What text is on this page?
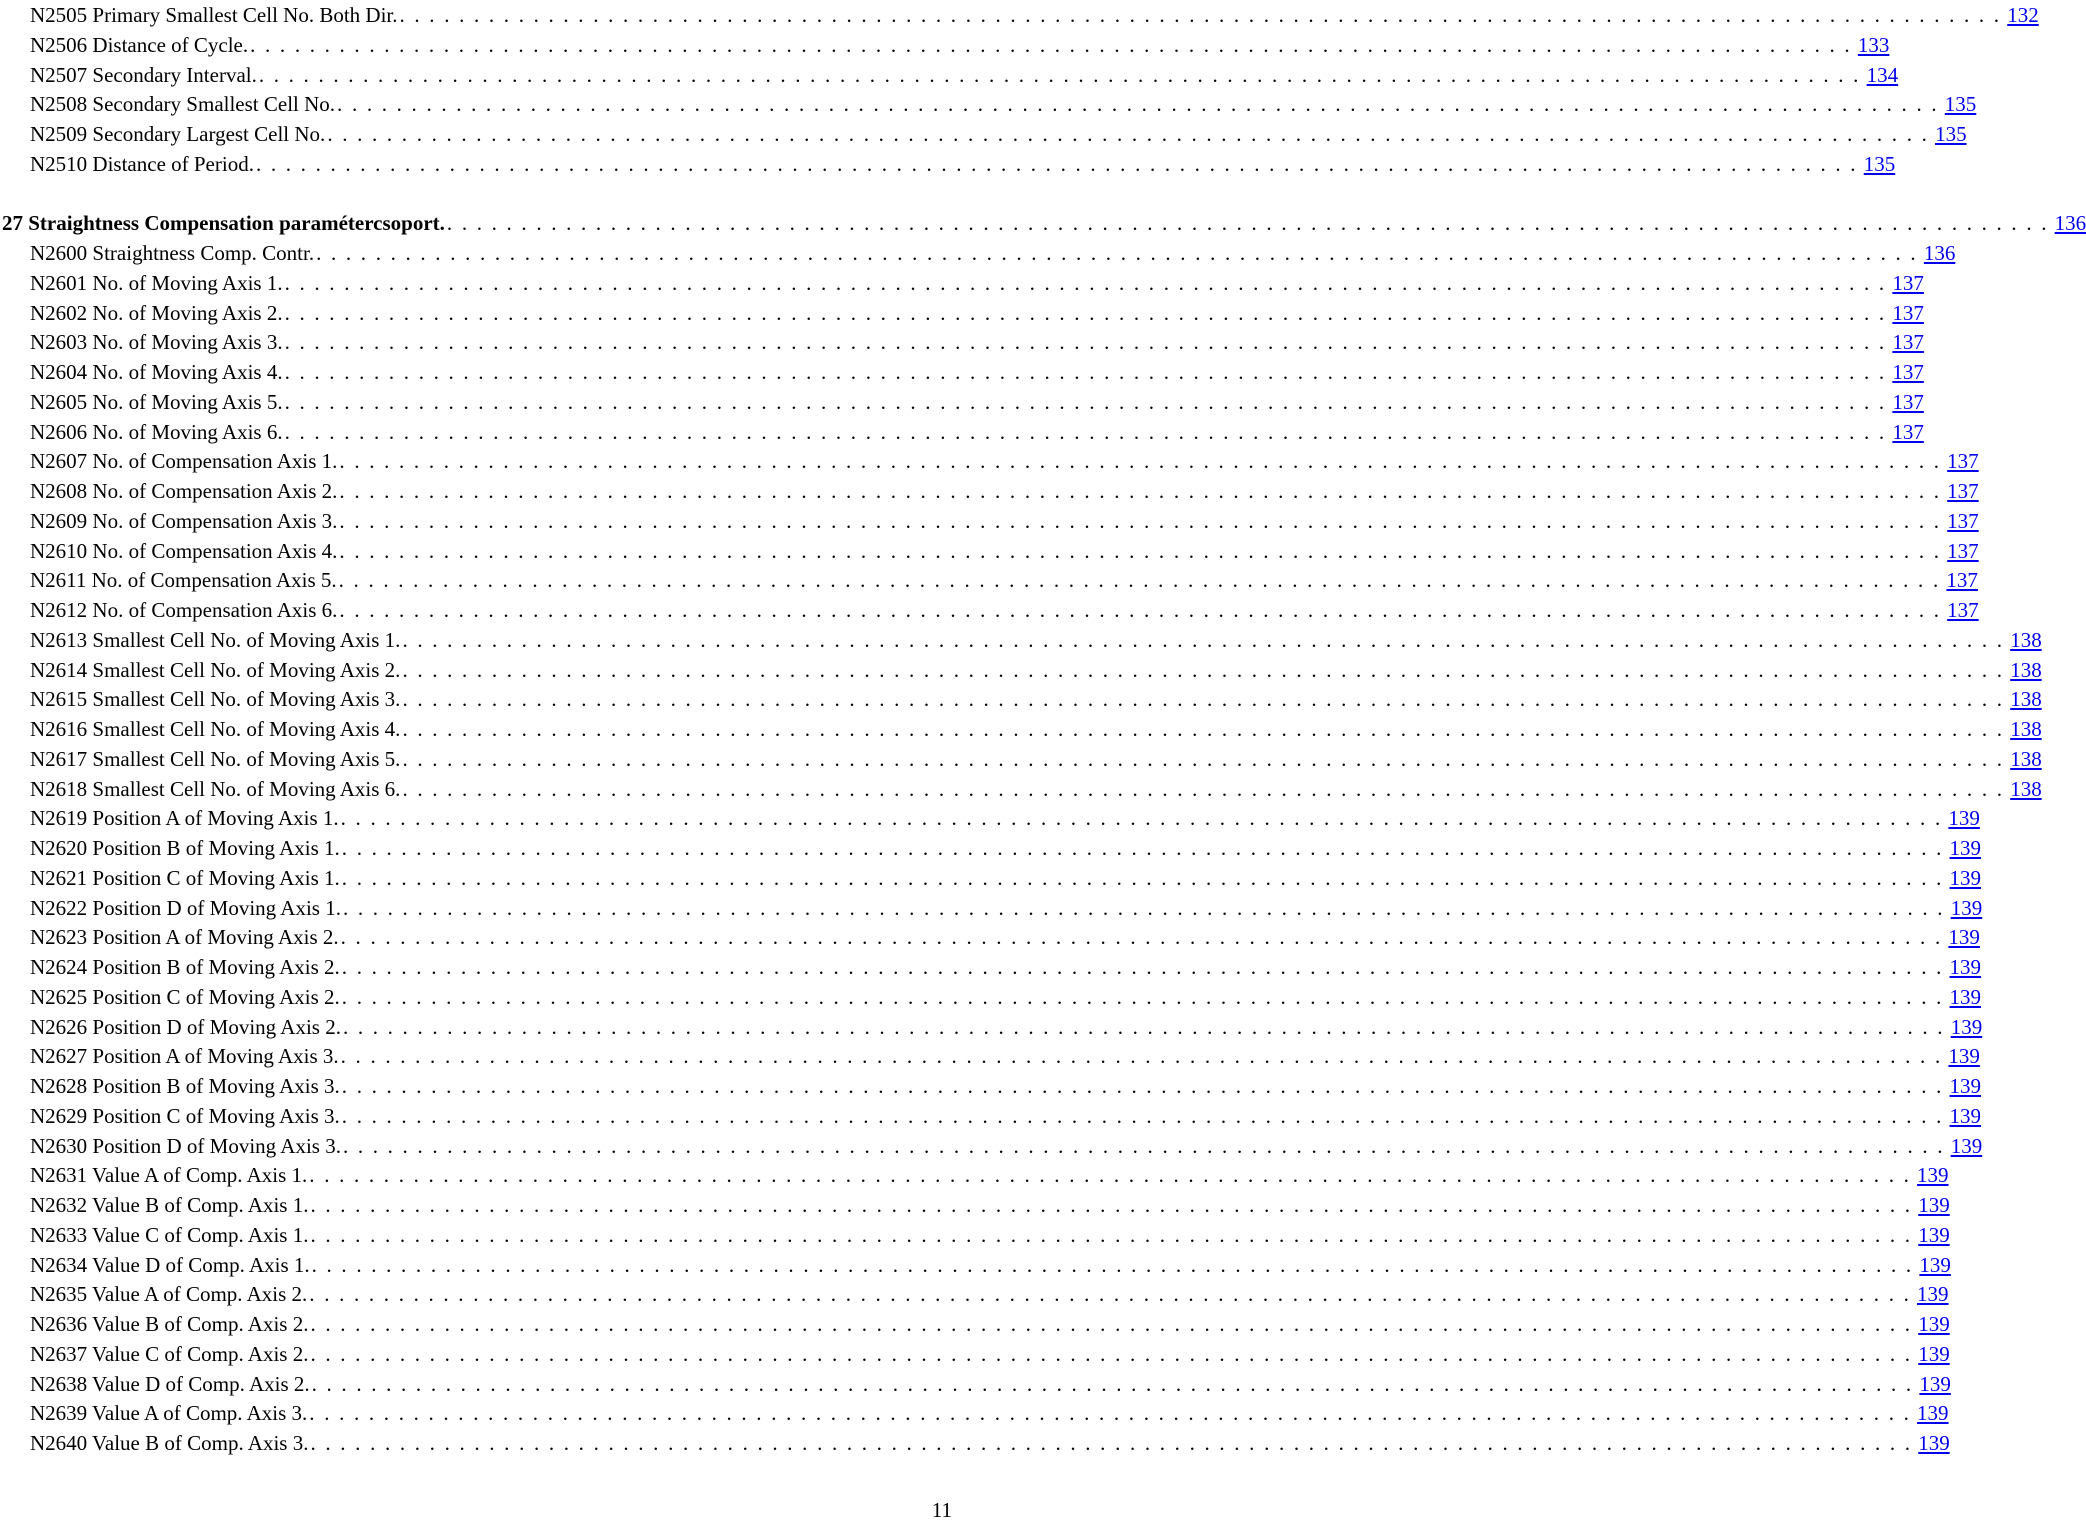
N2505 Primary Smallest Cell No. Both Dir. . . . . . . . . . . . . . . . . . . . . . . . . . . . . . . . . . . . . . . . . . . . . . . . . . . . . . . . . . . . . . . . . . . . . . . . . . . . . . . . . . . . . . . . . . . . . . . . . . . . . . . . . . . . . 132
N2506 Distance of Cycle. . . . . . . . . . . . . . . . . . . . . . . . . . . . . . . . . . . . . . . . . . . . . . . . . . . . . . . . . . . . . . . . . . . . . . . . . . . . . . . . . . . . . . . . . . . . . . . . . . . . . . . . . . . . . 133
N2507 Secondary Interval. . . . . . . . . . . . . . . . . . . . . . . . . . . . . . . . . . . . . . . . . . . . . . . . . . . . . . . . . . . . . . . . . . . . . . . . . . . . . . . . . . . . . . . . . . . . . . . . . . . . . . . . . . . . . 134
N2508 Secondary Smallest Cell No. . . . . . . . . . . . . . . . . . . . . . . . . . . . . . . . . . . . . . . . . . . . . . . . . . . . . . . . . . . . . . . . . . . . . . . . . . . . . . . . . . . . . . . . . . . . . . . . . . . . . . . . . . . . . 135
N2509 Secondary Largest Cell No. . . . . . . . . . . . . . . . . . . . . . . . . . . . . . . . . . . . . . . . . . . . . . . . . . . . . . . . . . . . . . . . . . . . . . . . . . . . . . . . . . . . . . . . . . . . . . . . . . . . . . . . . . . . . 135
N2510 Distance of Period. . . . . . . . . . . . . . . . . . . . . . . . . . . . . . . . . . . . . . . . . . . . . . . . . . . . . . . . . . . . . . . . . . . . . . . . . . . . . . . . . . . . . . . . . . . . . . . . . . . . . . . . . . . . . 135
27 Straightness Compensation paramétercsoport. . . . . . . . . . . . . . . . . . . . . . . . . . . . . . . . . . . . . . . . . . . . . . . . . . . . . . . . . . . . . . . . . . . . . . . . . . . . . . . . . . . . . . . . . . . . . . . . . . . . . . . . . . . . . 136
N2600 Straightness Comp. Contr. . . . . . . . . . . . . . . . . . . . . . . . . . . . . . . . . . . . . . . . . . . . . . . . . . . . . . . . . . . . . . . . . . . . . . . . . . . . . . . . . . . . . . . . . . . . . . . . . . . . . . . . . . . . . 136
N2601 No. of Moving Axis 1. . . . . . . . . . . . . . . . . . . . . . . . . . . . . . . . . . . . . . . . . . . . . . . . . . . . . . . . . . . . . . . . . . . . . . . . . . . . . . . . . . . . . . . . . . . . . . . . . . . . . . . . . . . . . 137
N2602 No. of Moving Axis 2. . . . . . . . . . . . . . . . . . . . . . . . . . . . . . . . . . . . . . . . . . . . . . . . . . . . . . . . . . . . . . . . . . . . . . . . . . . . . . . . . . . . . . . . . . . . . . . . . . . . . . . . . . . . . 137
N2603 No. of Moving Axis 3. . . . . . . . . . . . . . . . . . . . . . . . . . . . . . . . . . . . . . . . . . . . . . . . . . . . . . . . . . . . . . . . . . . . . . . . . . . . . . . . . . . . . . . . . . . . . . . . . . . . . . . . . . . . . 137
N2604 No. of Moving Axis 4. . . . . . . . . . . . . . . . . . . . . . . . . . . . . . . . . . . . . . . . . . . . . . . . . . . . . . . . . . . . . . . . . . . . . . . . . . . . . . . . . . . . . . . . . . . . . . . . . . . . . . . . . . . . . 137
N2605 No. of Moving Axis 5. . . . . . . . . . . . . . . . . . . . . . . . . . . . . . . . . . . . . . . . . . . . . . . . . . . . . . . . . . . . . . . . . . . . . . . . . . . . . . . . . . . . . . . . . . . . . . . . . . . . . . . . . . . . . 137
N2606 No. of Moving Axis 6. . . . . . . . . . . . . . . . . . . . . . . . . . . . . . . . . . . . . . . . . . . . . . . . . . . . . . . . . . . . . . . . . . . . . . . . . . . . . . . . . . . . . . . . . . . . . . . . . . . . . . . . . . . . . 137
N2607 No. of Compensation Axis 1. . . . . . . . . . . . . . . . . . . . . . . . . . . . . . . . . . . . . . . . . . . . . . . . . . . . . . . . . . . . . . . . . . . . . . . . . . . . . . . . . . . . . . . . . . . . . . . . . . . . . . . . . . . . . 137
N2608 No. of Compensation Axis 2. . . . . . . . . . . . . . . . . . . . . . . . . . . . . . . . . . . . . . . . . . . . . . . . . . . . . . . . . . . . . . . . . . . . . . . . . . . . . . . . . . . . . . . . . . . . . . . . . . . . . . . . . . . . . 137
N2609 No. of Compensation Axis 3. . . . . . . . . . . . . . . . . . . . . . . . . . . . . . . . . . . . . . . . . . . . . . . . . . . . . . . . . . . . . . . . . . . . . . . . . . . . . . . . . . . . . . . . . . . . . . . . . . . . . . . . . . . . . 137
N2610 No. of Compensation Axis 4. . . . . . . . . . . . . . . . . . . . . . . . . . . . . . . . . . . . . . . . . . . . . . . . . . . . . . . . . . . . . . . . . . . . . . . . . . . . . . . . . . . . . . . . . . . . . . . . . . . . . . . . . . . . . 137
N2611 No. of Compensation Axis 5. . . . . . . . . . . . . . . . . . . . . . . . . . . . . . . . . . . . . . . . . . . . . . . . . . . . . . . . . . . . . . . . . . . . . . . . . . . . . . . . . . . . . . . . . . . . . . . . . . . . . . . . . . . . . 137
N2612 No. of Compensation Axis 6. . . . . . . . . . . . . . . . . . . . . . . . . . . . . . . . . . . . . . . . . . . . . . . . . . . . . . . . . . . . . . . . . . . . . . . . . . . . . . . . . . . . . . . . . . . . . . . . . . . . . . . . . . . . . 137
N2613 Smallest Cell No. of Moving Axis 1. . . . . . . . . . . . . . . . . . . . . . . . . . . . . . . . . . . . . . . . . . . . . . . . . . . . . . . . . . . . . . . . . . . . . . . . . . . . . . . . . . . . . . . . . . . . . . . . . . . . . . . . . . . . . 138
N2614 Smallest Cell No. of Moving Axis 2. . . . . . . . . . . . . . . . . . . . . . . . . . . . . . . . . . . . . . . . . . . . . . . . . . . . . . . . . . . . . . . . . . . . . . . . . . . . . . . . . . . . . . . . . . . . . . . . . . . . . . . . . . . . . 138
N2615 Smallest Cell No. of Moving Axis 3. . . . . . . . . . . . . . . . . . . . . . . . . . . . . . . . . . . . . . . . . . . . . . . . . . . . . . . . . . . . . . . . . . . . . . . . . . . . . . . . . . . . . . . . . . . . . . . . . . . . . . . . . . . . . 138
N2616 Smallest Cell No. of Moving Axis 4. . . . . . . . . . . . . . . . . . . . . . . . . . . . . . . . . . . . . . . . . . . . . . . . . . . . . . . . . . . . . . . . . . . . . . . . . . . . . . . . . . . . . . . . . . . . . . . . . . . . . . . . . . . . . 138
N2617 Smallest Cell No. of Moving Axis 5. . . . . . . . . . . . . . . . . . . . . . . . . . . . . . . . . . . . . . . . . . . . . . . . . . . . . . . . . . . . . . . . . . . . . . . . . . . . . . . . . . . . . . . . . . . . . . . . . . . . . . . . . . . . . 138
N2618 Smallest Cell No. of Moving Axis 6. . . . . . . . . . . . . . . . . . . . . . . . . . . . . . . . . . . . . . . . . . . . . . . . . . . . . . . . . . . . . . . . . . . . . . . . . . . . . . . . . . . . . . . . . . . . . . . . . . . . . . . . . . . . . 138
N2619 Position A of Moving Axis 1. . . . . . . . . . . . . . . . . . . . . . . . . . . . . . . . . . . . . . . . . . . . . . . . . . . . . . . . . . . . . . . . . . . . . . . . . . . . . . . . . . . . . . . . . . . . . . . . . . . . . . . . . . . . . 139
N2620 Position B of Moving Axis 1. . . . . . . . . . . . . . . . . . . . . . . . . . . . . . . . . . . . . . . . . . . . . . . . . . . . . . . . . . . . . . . . . . . . . . . . . . . . . . . . . . . . . . . . . . . . . . . . . . . . . . . . . . . . . 139
N2621 Position C of Moving Axis 1. . . . . . . . . . . . . . . . . . . . . . . . . . . . . . . . . . . . . . . . . . . . . . . . . . . . . . . . . . . . . . . . . . . . . . . . . . . . . . . . . . . . . . . . . . . . . . . . . . . . . . . . . . . . . 139
N2622 Position D of Moving Axis 1. . . . . . . . . . . . . . . . . . . . . . . . . . . . . . . . . . . . . . . . . . . . . . . . . . . . . . . . . . . . . . . . . . . . . . . . . . . . . . . . . . . . . . . . . . . . . . . . . . . . . . . . . . . . . 139
N2623 Position A of Moving Axis 2. . . . . . . . . . . . . . . . . . . . . . . . . . . . . . . . . . . . . . . . . . . . . . . . . . . . . . . . . . . . . . . . . . . . . . . . . . . . . . . . . . . . . . . . . . . . . . . . . . . . . . . . . . . . . 139
N2624 Position B of Moving Axis 2. . . . . . . . . . . . . . . . . . . . . . . . . . . . . . . . . . . . . . . . . . . . . . . . . . . . . . . . . . . . . . . . . . . . . . . . . . . . . . . . . . . . . . . . . . . . . . . . . . . . . . . . . . . . . 139
N2625 Position C of Moving Axis 2. . . . . . . . . . . . . . . . . . . . . . . . . . . . . . . . . . . . . . . . . . . . . . . . . . . . . . . . . . . . . . . . . . . . . . . . . . . . . . . . . . . . . . . . . . . . . . . . . . . . . . . . . . . . . 139
N2626 Position D of Moving Axis 2. . . . . . . . . . . . . . . . . . . . . . . . . . . . . . . . . . . . . . . . . . . . . . . . . . . . . . . . . . . . . . . . . . . . . . . . . . . . . . . . . . . . . . . . . . . . . . . . . . . . . . . . . . . . . 139
N2627 Position A of Moving Axis 3. . . . . . . . . . . . . . . . . . . . . . . . . . . . . . . . . . . . . . . . . . . . . . . . . . . . . . . . . . . . . . . . . . . . . . . . . . . . . . . . . . . . . . . . . . . . . . . . . . . . . . . . . . . . . 139
N2628 Position B of Moving Axis 3. . . . . . . . . . . . . . . . . . . . . . . . . . . . . . . . . . . . . . . . . . . . . . . . . . . . . . . . . . . . . . . . . . . . . . . . . . . . . . . . . . . . . . . . . . . . . . . . . . . . . . . . . . . . . 139
N2629 Position C of Moving Axis 3. . . . . . . . . . . . . . . . . . . . . . . . . . . . . . . . . . . . . . . . . . . . . . . . . . . . . . . . . . . . . . . . . . . . . . . . . . . . . . . . . . . . . . . . . . . . . . . . . . . . . . . . . . . . . 139
N2630 Position D of Moving Axis 3. . . . . . . . . . . . . . . . . . . . . . . . . . . . . . . . . . . . . . . . . . . . . . . . . . . . . . . . . . . . . . . . . . . . . . . . . . . . . . . . . . . . . . . . . . . . . . . . . . . . . . . . . . . . . 139
N2631 Value A of Comp. Axis 1. . . . . . . . . . . . . . . . . . . . . . . . . . . . . . . . . . . . . . . . . . . . . . . . . . . . . . . . . . . . . . . . . . . . . . . . . . . . . . . . . . . . . . . . . . . . . . . . . . . . . . . . . . . . . 139
N2632 Value B of Comp. Axis 1. . . . . . . . . . . . . . . . . . . . . . . . . . . . . . . . . . . . . . . . . . . . . . . . . . . . . . . . . . . . . . . . . . . . . . . . . . . . . . . . . . . . . . . . . . . . . . . . . . . . . . . . . . . . . 139
N2633 Value C of Comp. Axis 1. . . . . . . . . . . . . . . . . . . . . . . . . . . . . . . . . . . . . . . . . . . . . . . . . . . . . . . . . . . . . . . . . . . . . . . . . . . . . . . . . . . . . . . . . . . . . . . . . . . . . . . . . . . . . 139
N2634 Value D of Comp. Axis 1. . . . . . . . . . . . . . . . . . . . . . . . . . . . . . . . . . . . . . . . . . . . . . . . . . . . . . . . . . . . . . . . . . . . . . . . . . . . . . . . . . . . . . . . . . . . . . . . . . . . . . . . . . . . . 139
N2635 Value A of Comp. Axis 2. . . . . . . . . . . . . . . . . . . . . . . . . . . . . . . . . . . . . . . . . . . . . . . . . . . . . . . . . . . . . . . . . . . . . . . . . . . . . . . . . . . . . . . . . . . . . . . . . . . . . . . . . . . . . 139
N2636 Value B of Comp. Axis 2. . . . . . . . . . . . . . . . . . . . . . . . . . . . . . . . . . . . . . . . . . . . . . . . . . . . . . . . . . . . . . . . . . . . . . . . . . . . . . . . . . . . . . . . . . . . . . . . . . . . . . . . . . . . . 139
N2637 Value C of Comp. Axis 2. . . . . . . . . . . . . . . . . . . . . . . . . . . . . . . . . . . . . . . . . . . . . . . . . . . . . . . . . . . . . . . . . . . . . . . . . . . . . . . . . . . . . . . . . . . . . . . . . . . . . . . . . . . . . 139
N2638 Value D of Comp. Axis 2. . . . . . . . . . . . . . . . . . . . . . . . . . . . . . . . . . . . . . . . . . . . . . . . . . . . . . . . . . . . . . . . . . . . . . . . . . . . . . . . . . . . . . . . . . . . . . . . . . . . . . . . . . . . . 139
N2639 Value A of Comp. Axis 3. . . . . . . . . . . . . . . . . . . . . . . . . . . . . . . . . . . . . . . . . . . . . . . . . . . . . . . . . . . . . . . . . . . . . . . . . . . . . . . . . . . . . . . . . . . . . . . . . . . . . . . . . . . . . 139
N2640 Value B of Comp. Axis 3. . . . . . . . . . . . . . . . . . . . . . . . . . . . . . . . . . . . . . . . . . . . . . . . . . . . . . . . . . . . . . . . . . . . . . . . . . . . . . . . . . . . . . . . . . . . . . . . . . . . . . . . . . . . . 139
11
